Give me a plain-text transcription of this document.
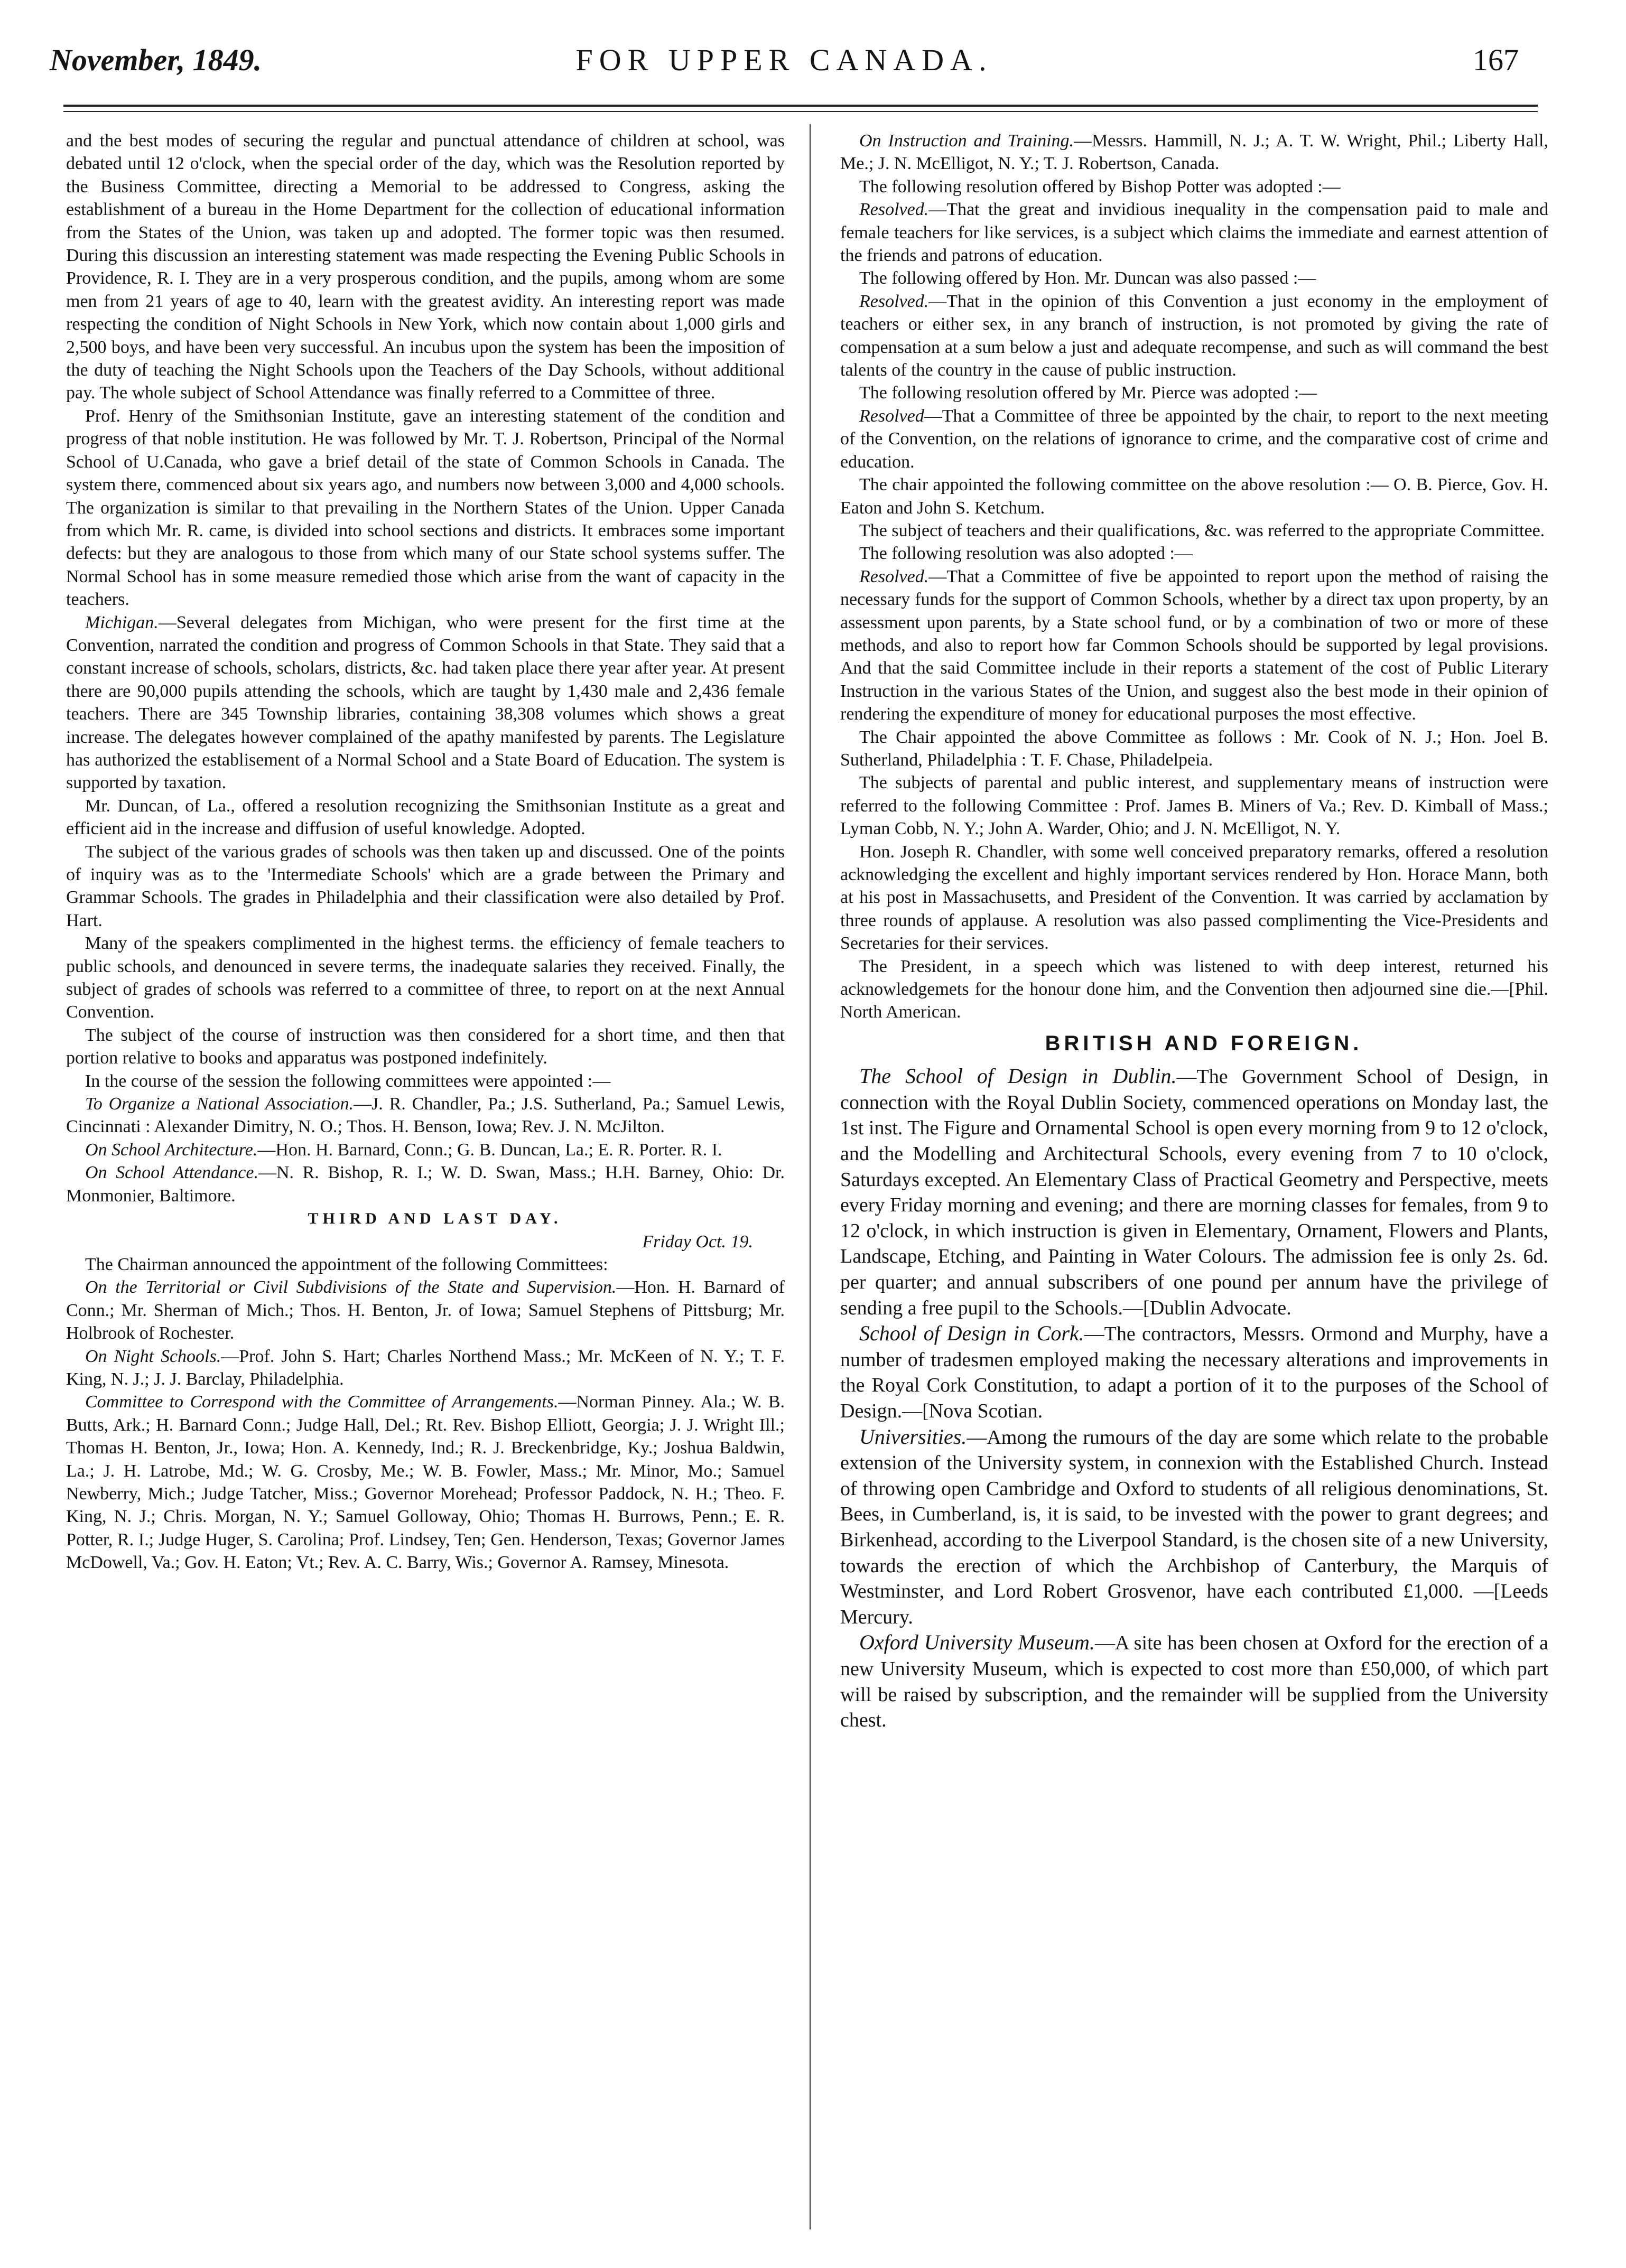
November, 1849.	FOR UPPER CANADA.	167

and the best modes of securing the regular and punctual attendance of children at school, was debated until 12 o'clock, when the special order of the day, which was the Resolution reported by the Business Committee, directing a Memorial to be addressed to Congress, asking the establishment of a bureau in the Home Department for the collection of educational information from the States of the Union, was taken up and adopted. The former topic was then resumed. During this discussion an interesting statement was made respecting the Evening Public Schools in Providence, R. I. They are in a very prosperous condition, and the pupils, among whom are some men from 21 years of age to 40, learn with the greatest avidity. An interesting report was made respecting the condition of Night Schools in New York, which now contain about 1,000 girls and 2,500 boys, and have been very successful. An incubus upon the system has been the imposition of the duty of teaching the Night Schools upon the Teachers of the Day Schools, without additional pay. The whole subject of School Attendance was finally referred to a Committee of three.

Prof. Henry of the Smithsonian Institute, gave an interesting statement of the condition and progress of that noble institution. He was followed by Mr. T. J. Robertson, Principal of the Normal School of U.Canada, who gave a brief detail of the state of Common Schools in Canada. The system there, commenced about six years ago, and numbers now between 3,000 and 4,000 schools. The organization is similar to that prevailing in the Northern States of the Union. Upper Canada from which Mr. R. came, is divided into school sections and districts. It embraces some important defects: but they are analogous to those from which many of our State school systems suffer. The Normal School has in some measure remedied those which arise from the want of capacity in the teachers.

Michigan.—Several delegates from Michigan, who were present for the first time at the Convention, narrated the condition and progress of Common Schools in that State. They said that a constant increase of schools, scholars, districts, &c. had taken place there year after year. At present there are 90,000 pupils attending the schools, which are taught by 1,430 male and 2,436 female teachers. There are 345 Township libraries, containing 38,308 volumes which shows a great increase. The delegates however complained of the apathy manifested by parents. The Legislature has authorized the establisement of a Normal School and a State Board of Education. The system is supported by taxation.

Mr. Duncan, of La., offered a resolution recognizing the Smithsonian Institute as a great and efficient aid in the increase and diffusion of useful knowledge. Adopted.

The subject of the various grades of schools was then taken up and discussed. One of the points of inquiry was as to the 'Intermediate Schools' which are a grade between the Primary and Grammar Schools. The grades in Philadelphia and their classification were also detailed by Prof. Hart.

Many of the speakers complimented in the highest terms. the efficiency of female teachers to public schools, and denounced in severe terms, the inadequate salaries they received. Finally, the subject of grades of schools was referred to a committee of three, to report on at the next Annual Convention.

The subject of the course of instruction was then considered for a short time, and then that portion relative to books and apparatus was postponed indefinitely.

In the course of the session the following committees were appointed :—

To Organize a National Association.—J. R. Chandler, Pa.; J.S. Sutherland, Pa.; Samuel Lewis, Cincinnati : Alexander Dimitry, N. O.; Thos. H. Benson, Iowa; Rev. J. N. McJilton.

On School Architecture.—Hon. H. Barnard, Conn.; G. B. Duncan, La.; E. R. Porter. R. I.

On School Attendance.—N. R. Bishop, R. I.; W. D. Swan, Mass.; H.H. Barney, Ohio: Dr. Monmonier, Baltimore.

THIRD AND LAST DAY.

Friday Oct. 19.

The Chairman announced the appointment of the following Committees:

On the Territorial or Civil Subdivisions of the State and Supervision.—Hon. H. Barnard of Conn.; Mr. Sherman of Mich.; Thos. H. Benton, Jr. of Iowa; Samuel Stephens of Pittsburg; Mr. Holbrook of Rochester.

On Night Schools.—Prof. John S. Hart; Charles Northend Mass.; Mr. McKeen of N. Y.; T. F. King, N. J.; J. J. Barclay, Philadelphia.

Committee to Correspond with the Committee of Arrangements.—Norman Pinney. Ala.; W. B. Butts, Ark.; H. Barnard Conn.; Judge Hall, Del.; Rt. Rev. Bishop Elliott, Georgia; J. J. Wright Ill.; Thomas H. Benton, Jr., Iowa; Hon. A. Kennedy, Ind.; R. J. Breckenbridge, Ky.; Joshua Baldwin, La.; J. H. Latrobe, Md.; W. G. Crosby, Me.; W. B. Fowler, Mass.; Mr. Minor, Mo.; Samuel Newberry, Mich.; Judge Tatcher, Miss.; Governor Morehead; Professor Paddock, N. H.; Theo. F. King, N. J.; Chris. Morgan, N. Y.; Samuel Golloway, Ohio; Thomas H. Burrows, Penn.; E. R. Potter, R. I.; Judge Huger, S. Carolina; Prof. Lindsey, Ten; Gen. Henderson, Texas; Governor James McDowell, Va.; Gov. H. Eaton; Vt.; Rev. A. C. Barry, Wis.; Governor A. Ramsey, Minesota.

On Instruction and Training.—Messrs. Hammill, N. J.; A. T. W. Wright, Phil.; Liberty Hall, Me.; J. N. McElligot, N. Y.; T. J. Robertson, Canada.

The following resolution offered by Bishop Potter was adopted :—

Resolved.—That the great and invidious inequality in the compensation paid to male and female teachers for like services, is a subject which claims the immediate and earnest attention of the friends and patrons of education.

The following offered by Hon. Mr. Duncan was also passed :—

Resolved.—That in the opinion of this Convention a just economy in the employment of teachers or either sex, in any branch of instruction, is not promoted by giving the rate of compensation at a sum below a just and adequate recompense, and such as will command the best talents of the country in the cause of public instruction.

The following resolution offered by Mr. Pierce was adopted :—

Resolved—That a Committee of three be appointed by the chair, to report to the next meeting of the Convention, on the relations of ignorance to crime, and the comparative cost of crime and education.

The chair appointed the following committee on the above resolution :— O. B. Pierce, Gov. H. Eaton and John S. Ketchum.

The subject of teachers and their qualifications, &c. was referred to the appropriate Committee.

The following resolution was also adopted :—

Resolved.—That a Committee of five be appointed to report upon the method of raising the necessary funds for the support of Common Schools, whether by a direct tax upon property, by an assessment upon parents, by a State school fund, or by a combination of two or more of these methods, and also to report how far Common Schools should be supported by legal provisions. And that the said Committee include in their reports a statement of the cost of Public Literary Instruction in the various States of the Union, and suggest also the best mode in their opinion of rendering the expenditure of money for educational purposes the most effective.

The Chair appointed the above Committee as follows : Mr. Cook of N. J.; Hon. Joel B. Sutherland, Philadelphia : T. F. Chase, Philadelpeia.

The subjects of parental and public interest, and supplementary means of instruction were referred to the following Committee : Prof. James B. Miners of Va.; Rev. D. Kimball of Mass.; Lyman Cobb, N. Y.; John A. Warder, Ohio; and J. N. McElligot, N. Y.

Hon. Joseph R. Chandler, with some well conceived preparatory remarks, offered a resolution acknowledging the excellent and highly important services rendered by Hon. Horace Mann, both at his post in Massachusetts, and President of the Convention. It was carried by acclamation by three rounds of applause. A resolution was also passed complimenting the Vice-Presidents and Secretaries for their services.

The President, in a speech which was listened to with deep interest, returned his acknowledgemets for the honour done him, and the Convention then adjourned sine die.—[Phil. North American.

BRITISH AND FOREIGN.

The School of Design in Dublin.—The Government School of Design, in connection with the Royal Dublin Society, commenced operations on Monday last, the 1st inst. The Figure and Ornamental School is open every morning from 9 to 12 o'clock, and the Modelling and Architectural Schools, every evening from 7 to 10 o'clock, Saturdays excepted. An Elementary Class of Practical Geometry and Perspective, meets every Friday morning and evening; and there are morning classes for females, from 9 to 12 o'clock, in which instruction is given in Elementary, Ornament, Flowers and Plants, Landscape, Etching, and Painting in Water Colours. The admission fee is only 2s. 6d. per quarter; and annual subscribers of one pound per annum have the privilege of sending a free pupil to the Schools.—[Dublin Advocate.

School of Design in Cork.—The contractors, Messrs. Ormond and Murphy, have a number of tradesmen employed making the necessary alterations and improvements in the Royal Cork Constitution, to adapt a portion of it to the purposes of the School of Design.—[Nova Scotian.

Universities.—Among the rumours of the day are some which relate to the probable extension of the University system, in connexion with the Established Church. Instead of throwing open Cambridge and Oxford to students of all religious denominations, St. Bees, in Cumberland, is, it is said, to be invested with the power to grant degrees; and Birkenhead, according to the Liverpool Standard, is the chosen site of a new University, towards the erection of which the Archbishop of Canterbury, the Marquis of Westminster, and Lord Robert Grosvenor, have each contributed £1,000. —[Leeds Mercury.

Oxford University Museum.—A site has been chosen at Oxford for the erection of a new University Museum, which is expected to cost more than £50,000, of which part will be raised by subscription, and the remainder will be supplied from the University chest.
